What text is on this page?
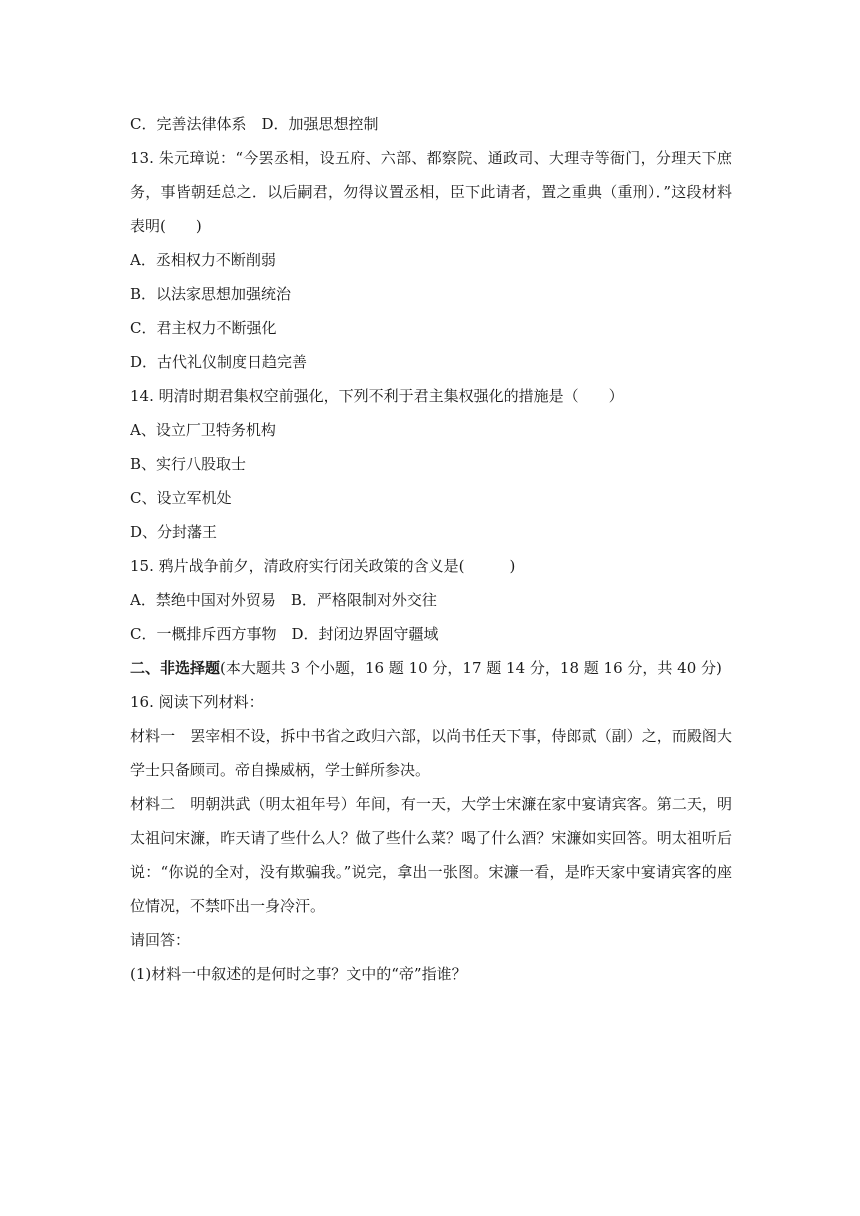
C．完善法律体系　D．加强思想控制
13. 朱元璋说：“今罢丞相，设五府、六部、都察院、通政司、大理寺等衙门，分理天下庶务，事皆朝廷总之．以后嗣君，勿得议置丞相，臣下此请者，置之重典（重刑）．”这段材料表明(　　)
A．丞相权力不断削弱
B．以法家思想加强统治
C．君主权力不断强化
D．古代礼仪制度日趋完善
14. 明清时期君集权空前强化，下列不利于君主集权强化的措施是（　　）
A、设立厂卫特务机构
B、实行八股取士
C、设立军机处
D、分封藩王
15. 鸦片战争前夕，清政府实行闭关政策的含义是(　　　)
A．禁绝中国对外贸易　B．严格限制对外交往
C．一概排斥西方事物　D．封闭边界固守疆域
二、非选择题(本大题共 3 个小题，16 题 10 分，17 题 14 分，18 题 16 分，共 40 分)
16. 阅读下列材料：
材料一　罢宰相不设，拆中书省之政归六部，以尚书任天下事，侍郎贰（副）之，而殿阁大学士只备顾司。帝自操威柄，学士鲜所参决。
材料二　明朝洪武（明太祖年号）年间，有一天，大学士宋濂在家中宴请宾客。第二天，明太祖问宋濂，昨天请了些什么人？做了些什么菜？喝了什么酒？宋濂如实回答。明太祖听后说：“你说的全对，没有欺骗我。”说完，拿出一张图。宋濂一看，是昨天家中宴请宾客的座位情况，不禁吓出一身冷汗。
请回答：
(1)材料一中叙述的是何时之事？文中的“帝”指谁？
